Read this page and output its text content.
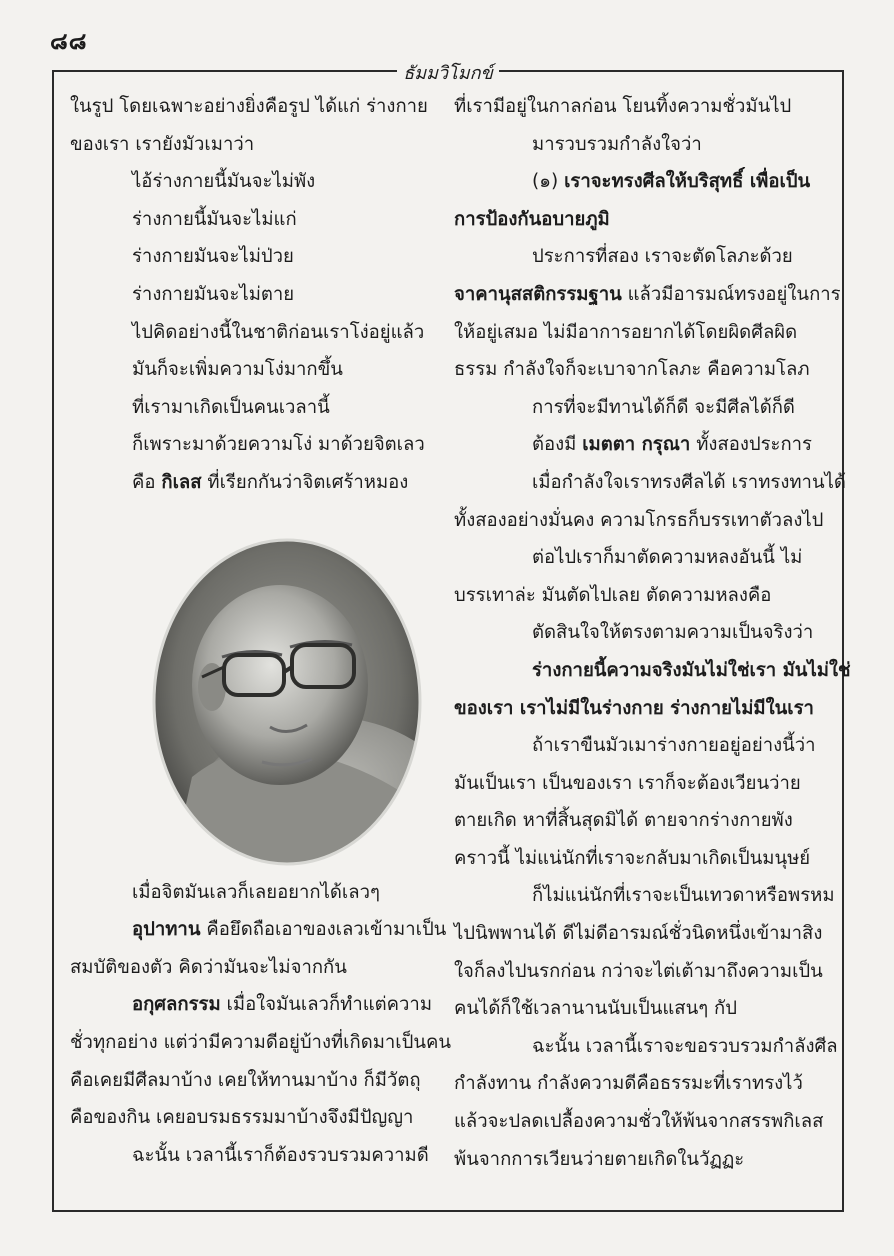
๘๘
ธัมมวิโมกข์
ในรูป โดยเฉพาะอย่างยิ่งคือรูป ได้แก่ ร่างกาย
ของเรา เรายังมัวเมาว่า
ไอ้ร่างกายนี้มันจะไม่พัง
ร่างกายนี้มันจะไม่แก่
ร่างกายมันจะไม่ป่วย
ร่างกายมันจะไม่ตาย
ไปคิดอย่างนี้ในชาติก่อนเราโง่อยู่แล้ว
มันก็จะเพิ่มความโง่มากขึ้น
ที่เรามาเกิดเป็นคนเวลานี้
ก็เพราะมาด้วยความโง่ มาด้วยจิตเลว
คือ กิเลส ที่เรียกกันว่าจิตเศร้าหมอง
เมื่อจิตมันเลวก็เลยอยากได้เลวๆ
อุปาทาน คือยึดถือเอาของเลวเข้ามาเป็น
สมบัติของตัว คิดว่ามันจะไม่จากกัน
อกุศลกรรม เมื่อใจมันเลวก็ทำแต่ความ
ชั่วทุกอย่าง แต่ว่ามีความดีอยู่บ้างที่เกิดมาเป็นคน
คือเคยมีศีลมาบ้าง เคยให้ทานมาบ้าง ก็มีวัตถุ
คือของกิน เคยอบรมธรรมมาบ้างจึงมีปัญญา
ฉะนั้น เวลานี้เราก็ต้องรวบรวมความดี
ที่เรามีอยู่ในกาลก่อน โยนทิ้งความชั่วมันไป
มารวบรวมกำลังใจว่า
(๑) เราจะทรงศีลให้บริสุทธิ์ เพื่อเป็น
การป้องกันอบายภูมิ
ประการที่สอง เราจะตัดโลภะด้วย
จาคานุสสติกรรมฐาน แล้วมีอารมณ์ทรงอยู่ในการ
ให้อยู่เสมอ ไม่มีอาการอยากได้โดยผิดศีลผิด
ธรรม กำลังใจก็จะเบาจากโลภะ คือความโลภ
การที่จะมีทานได้ก็ดี จะมีศีลได้ก็ดี
ต้องมี เมตตา กรุณา ทั้งสองประการ
เมื่อกำลังใจเราทรงศีลได้ เราทรงทานได้
ทั้งสองอย่างมั่นคง ความโกรธก็บรรเทาตัวลงไป
ต่อไปเราก็มาตัดความหลงอันนี้ ไม่
บรรเทาล่ะ มันตัดไปเลย ตัดความหลงคือ
ตัดสินใจให้ตรงตามความเป็นจริงว่า
ร่างกายนี้ความจริงมันไม่ใช่เรา มันไม่ใช่
ของเรา เราไม่มีในร่างกาย ร่างกายไม่มีในเรา
ถ้าเราขืนมัวเมาร่างกายอยู่อย่างนี้ว่า
มันเป็นเรา เป็นของเรา เราก็จะต้องเวียนว่าย
ตายเกิด หาที่สิ้นสุดมิได้ ตายจากร่างกายพัง
คราวนี้ ไม่แน่นักที่เราจะกลับมาเกิดเป็นมนุษย์
ก็ไม่แน่นักที่เราจะเป็นเทวดาหรือพรหม
ไปนิพพานได้ ดีไม่ดีอารมณ์ชั่วนิดหนึ่งเข้ามาสิง
ใจก็ลงไปนรกก่อน กว่าจะไต่เต้ามาถึงความเป็น
คนได้ก็ใช้เวลานานนับเป็นแสนๆ กัป
ฉะนั้น เวลานี้เราจะขอรวบรวมกำลังศีล
กำลังทาน กำลังความดีคือธรรมะที่เราทรงไว้
แล้วจะปลดเปลื้องความชั่วให้พ้นจากสรรพกิเลส
พ้นจากการเวียนว่ายตายเกิดในวัฏฏะ
